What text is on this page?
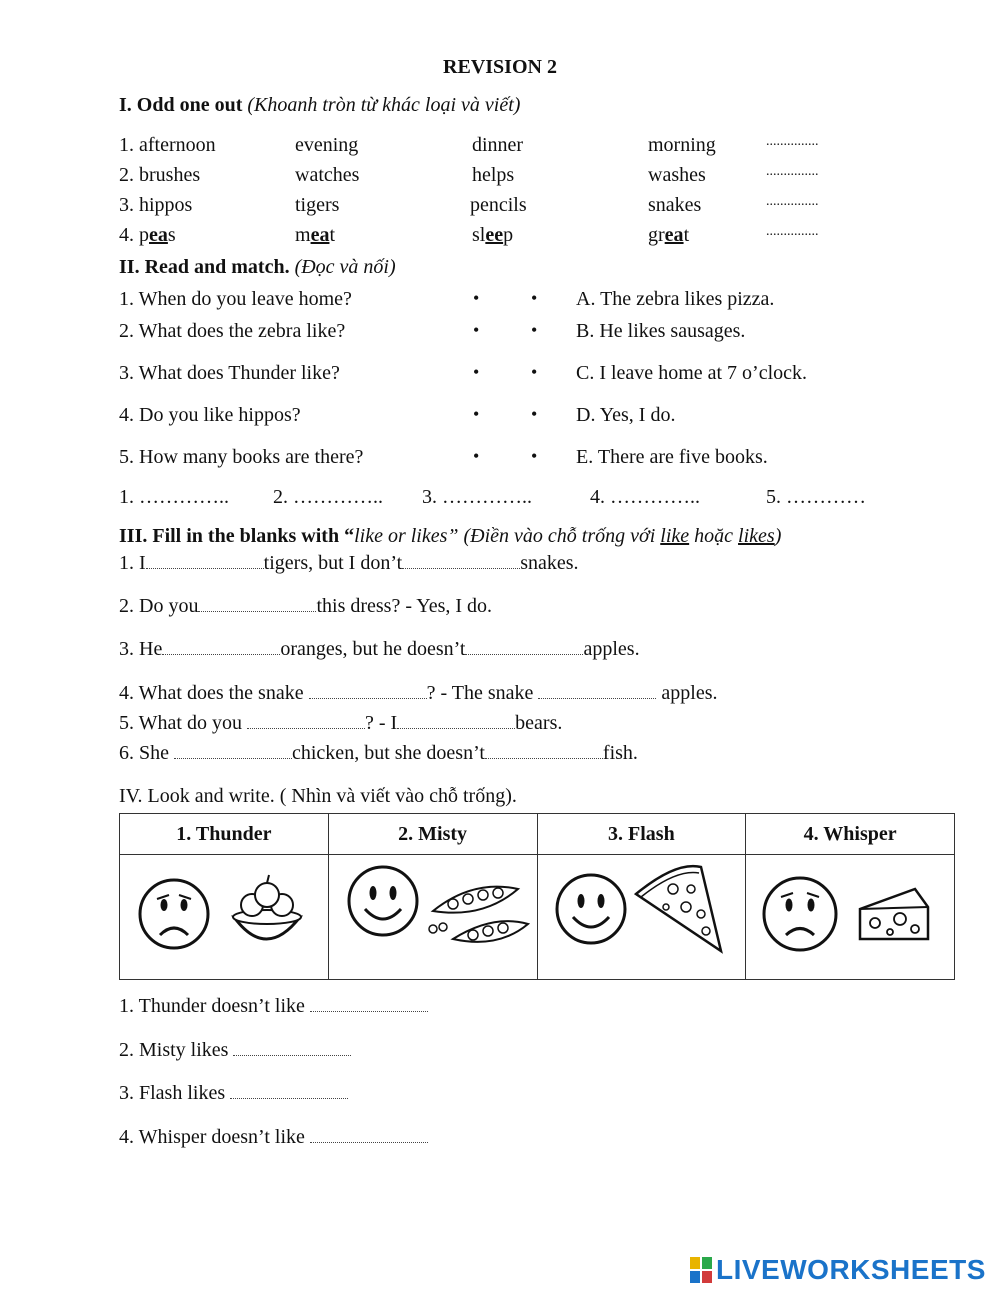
REVISION 2
I. Odd one out (Khoanh tròn từ khác loại và viết)
1. afternoon	evening	dinner	morning	...............
2. brushes	watches	helps	washes	...............
3. hippos	tigers	pencils	snakes	...............
4. peas	meat	sleep	great	...............
II. Read and match. (Đọc và nối)
1. When do you leave home?	•	• A. The zebra likes pizza.
2. What does the zebra like?	•	• B. He likes sausages.
3. What does Thunder like?	•	• C. I leave home at 7 o’clock.
4. Do you like hippos?	•	• D. Yes, I do.
5. How many books are there?	•	• E. There are five books.
1. ………….. 2. ………….. 3. …………..	4. …………..	5. …………
III. Fill in the blanks with “like or likes” (Điền vào chỗ trống với like hoặc likes)
1. I	tigers, but I don’t	snakes.
2. Do you	this dress? - Yes, I do.
3. He	oranges, but he doesn’t	apples.
4. What does the snake	? - The snake	apples.
5. What do you	? - I	bears.
6. She	chicken, but she doesn’t	fish.
IV. Look and write. ( Nhìn và viết vào chỗ trống).
1. Thunder	2. Misty	3. Flash	4. Whisper

1. Thunder doesn’t like
2. Misty likes
3. Flash likes
4. Whisper doesn’t like
LIVEWORKSHEETS
